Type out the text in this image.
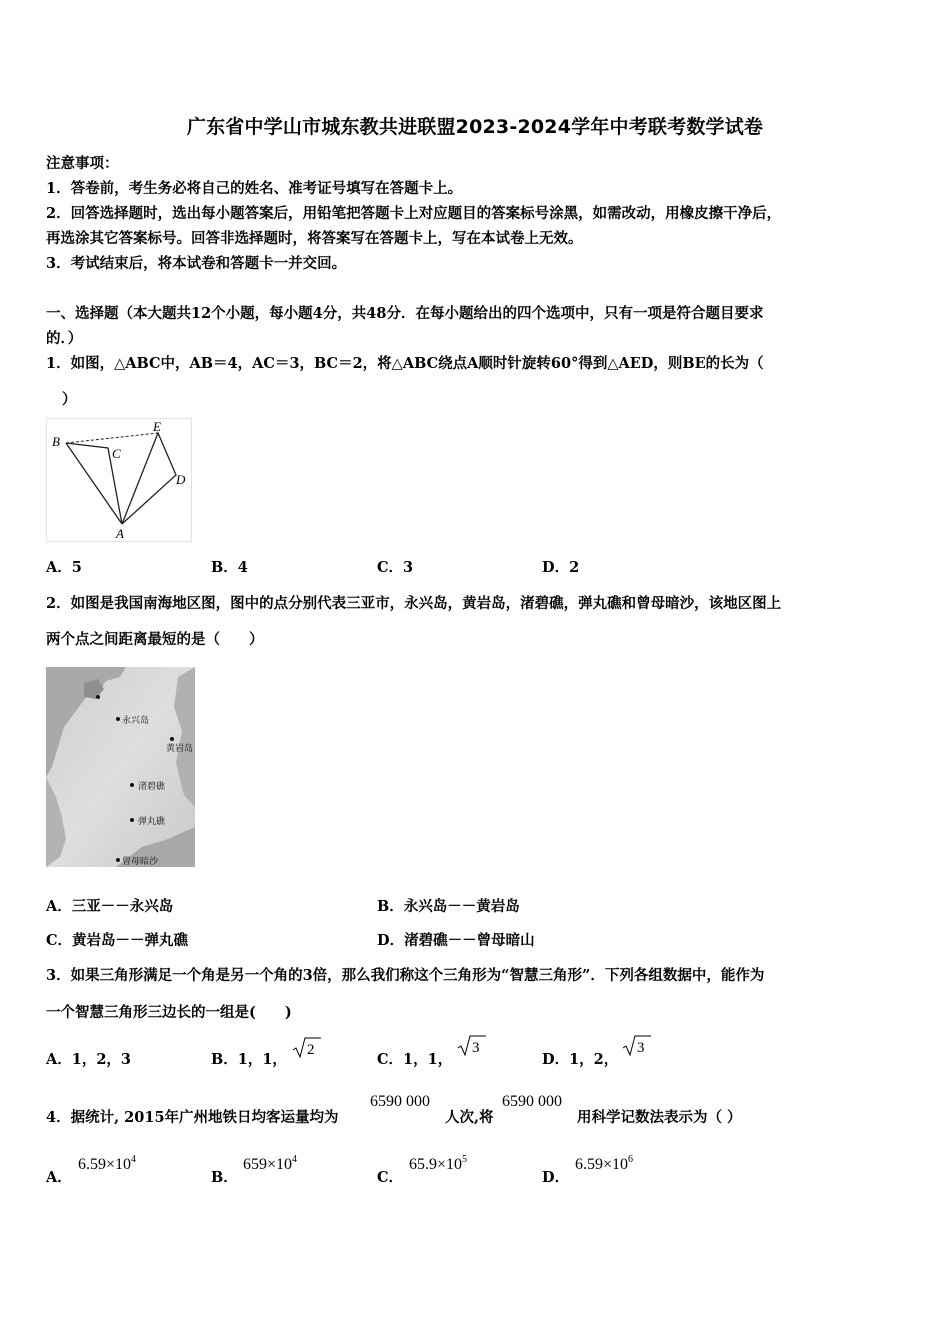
广东省中学山市城东教共进联盟2023-2024学年中考联考数学试卷
注意事项：
1．答卷前，考生务必将自己的姓名、准考证号填写在答题卡上。
2．回答选择题时，选出每小题答案后，用铅笔把答题卡上对应题目的答案标号涂黑，如需改动，用橡皮擦干净后，
再选涂其它答案标号。回答非选择题时，将答案写在答题卡上，写在本试卷上无效。
3．考试结束后，将本试卷和答题卡一并交回。
一、选择题（本大题共12个小题，每小题4分，共48分．在每小题给出的四个选项中，只有一项是符合题目要求
的．）
1．如图，△ABC中，AB＝4，AC＝3，BC＝2，将△ABC绕点A顺时针旋转60°得到△AED，则BE的长为（
）
B
C
E
D
A
A．5	B．4	C．3	D．2
2．如图是我国南海地区图，图中的点分别代表三亚市，永兴岛，黄岩岛，渚碧礁，弹丸礁和曾母暗沙，该地区图上
两个点之间距离最短的是（　　）
永兴岛
黄岩岛
渚碧礁
弹丸礁
曾母暗沙
A．三亚－－永兴岛	B．永兴岛－－黄岩岛
C．黄岩岛－－弹丸礁	D．渚碧礁－－曾母暗山
3．如果三角形满足一个角是另一个角的3倍，那么我们称这个三角形为“智慧三角形”．下列各组数据中，能作为
一个智慧三角形三边长的一组是(　　)
A．1，2，3	B．1，1，
2
C．1，1，
3
D．1，2，
3
4．据统计, 2015年广州地铁日均客运量均为
6590 000
人次,将
6590 000
用科学记数法表示为（ ）
A．
$6.59\times 10^4$
B．
$659\times 10^4$
C．
$65.9\times 10^5$
D．
$6.59\times 10^6$
